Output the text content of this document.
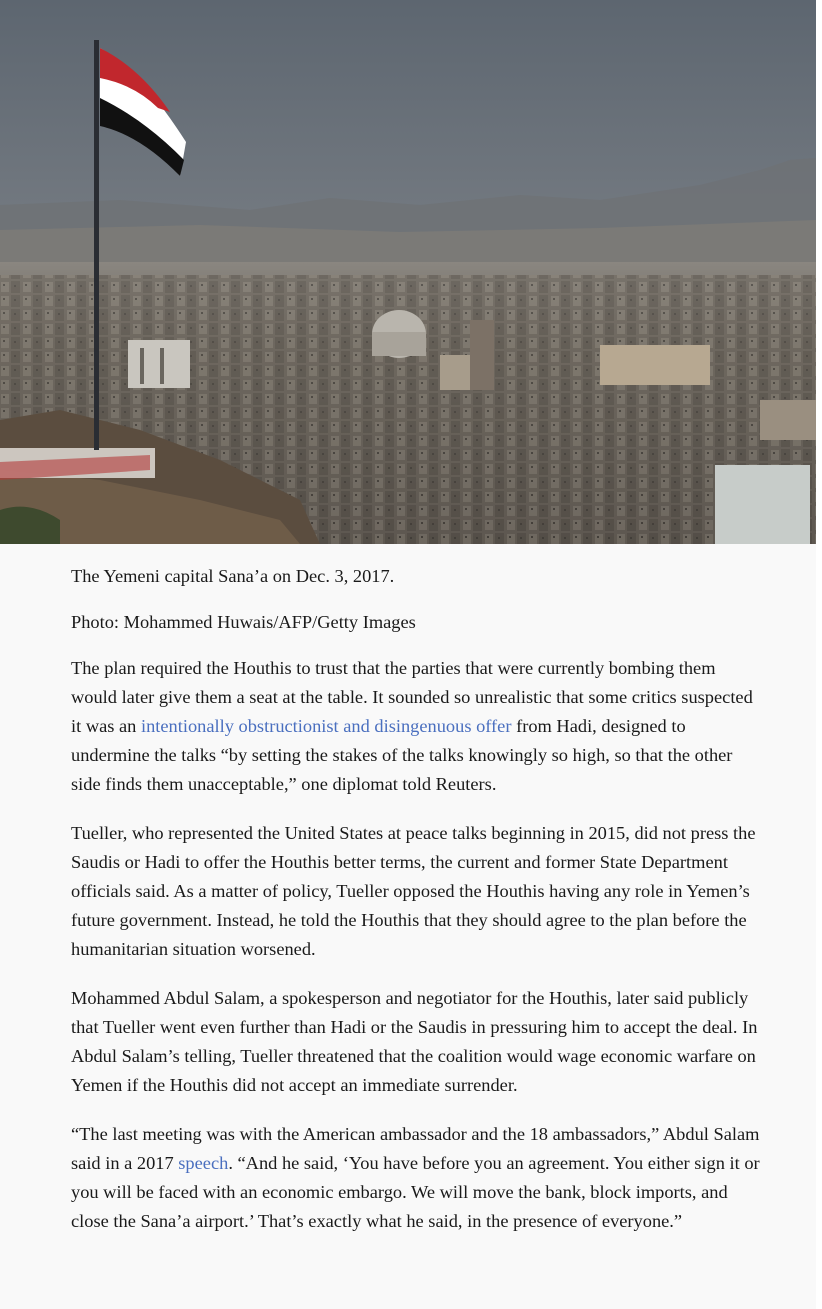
The Yemeni capital Sana’a on Dec. 3, 2017.

Photo: Mohammed Huwais/AFP/Getty Images

The plan required the Houthis to trust that the parties that were currently bombing them would later give them a seat at the table. It sounded so unrealistic that some critics suspected it was an intentionally obstructionist and disingenuous offer from Hadi, designed to undermine the talks “by setting the stakes of the talks knowingly so high, so that the other side finds them unacceptable,” one diplomat told Reuters.

Tueller, who represented the United States at peace talks beginning in 2015, did not press the Saudis or Hadi to offer the Houthis better terms, the current and former State Department officials said. As a matter of policy, Tueller opposed the Houthis having any role in Yemen’s future government. Instead, he told the Houthis that they should agree to the plan before the humanitarian situation worsened.

Mohammed Abdul Salam, a spokesperson and negotiator for the Houthis, later said publicly that Tueller went even further than Hadi or the Saudis in pressuring him to accept the deal. In Abdul Salam’s telling, Tueller threatened that the coalition would wage economic warfare on Yemen if the Houthis did not accept an immediate surrender.

“The last meeting was with the American ambassador and the 18 ambassadors,” Abdul Salam said in a 2017 speech. “And he said, ‘You have before you an agreement. You either sign it or you will be faced with an economic embargo. We will move the bank, block imports, and close the Sana’a airport.’ That’s exactly what he said, in the presence of everyone.”
